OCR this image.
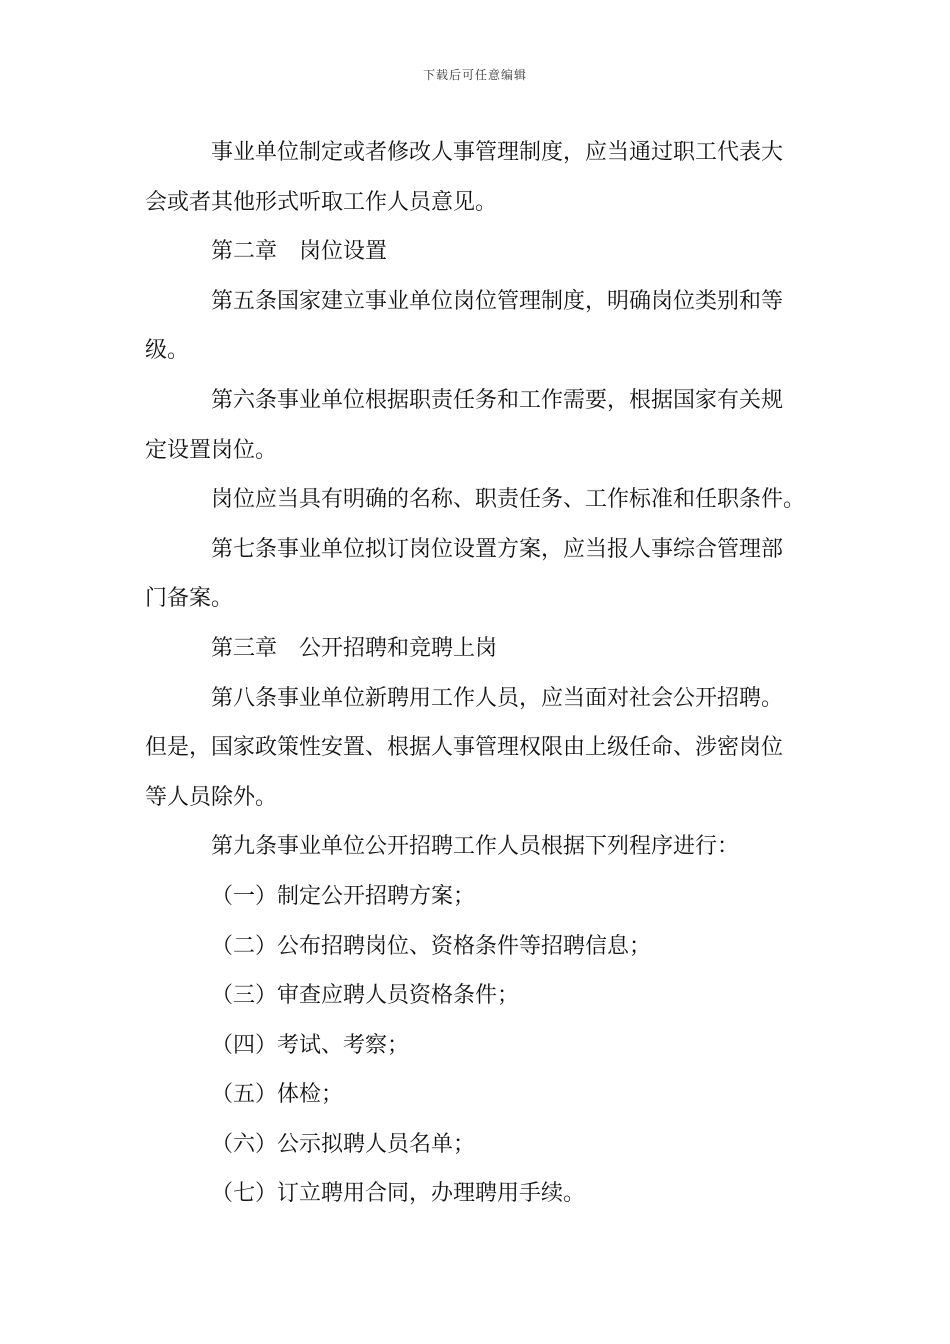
下载后可任意编辑
事业单位制定或者修改人事管理制度，应当通过职工代表大
会或者其他形式听取工作人员意见。
第二章　岗位设置
第五条国家建立事业单位岗位管理制度，明确岗位类别和等
级。
第六条事业单位根据职责任务和工作需要，根据国家有关规
定设置岗位。
岗位应当具有明确的名称、职责任务、工作标准和任职条件。
第七条事业单位拟订岗位设置方案，应当报人事综合管理部
门备案。
第三章　公开招聘和竞聘上岗
第八条事业单位新聘用工作人员，应当面对社会公开招聘。
但是，国家政策性安置、根据人事管理权限由上级任命、涉密岗位
等人员除外。
第九条事业单位公开招聘工作人员根据下列程序进行：
（一）制定公开招聘方案；
（二）公布招聘岗位、资格条件等招聘信息；
（三）审查应聘人员资格条件；
（四）考试、考察；
（五）体检；
（六）公示拟聘人员名单；
（七）订立聘用合同，办理聘用手续。
